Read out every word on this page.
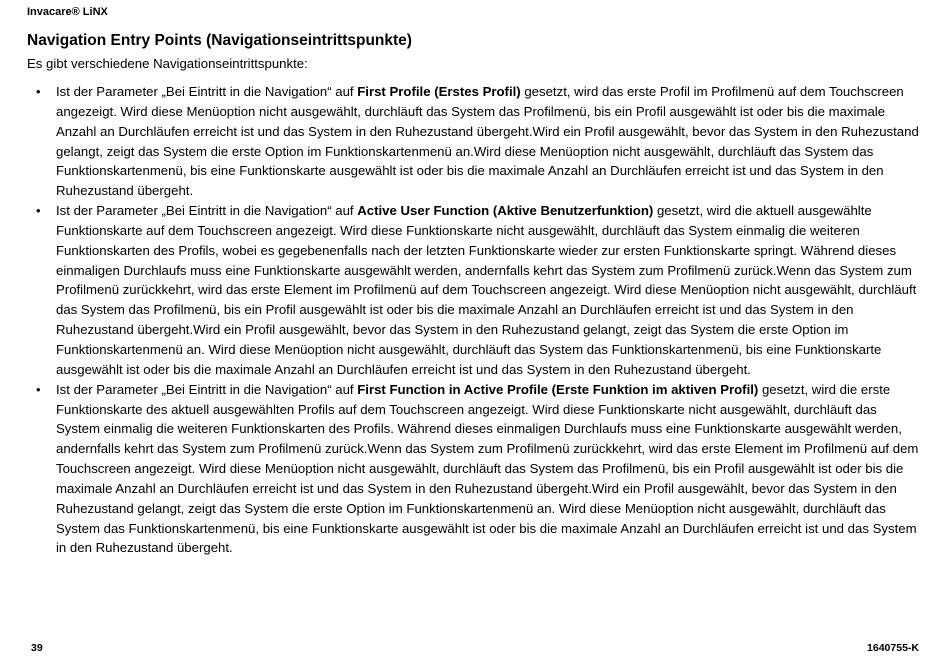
Invacare® LiNX
Navigation Entry Points (Navigationseintrittspunkte)

Es gibt verschiedene Navigationseintrittspunkte:

• Ist der Parameter „Bei Eintritt in die Navigation“ auf First Profile (Erstes Profil) gesetzt, wird das erste Profil im Profilmenü auf dem Touchscreen angezeigt. Wird diese Menüoption nicht ausgewählt, durchläuft das System das Profilmenü, bis ein Profil ausgewählt ist oder bis die maximale Anzahl an Durchläufen erreicht ist und das System in den Ruhezustand übergeht.Wird ein Profil ausgewählt, bevor das System in den Ruhezustand gelangt, zeigt das System die erste Option im Funktionskartenmenü an.Wird diese Menüoption nicht ausgewählt, durchläuft das System das Funktionskartenmenü, bis eine Funktionskarte ausgewählt ist oder bis die maximale Anzahl an Durchläufen erreicht ist und das System in den Ruhezustand übergeht.
• Ist der Parameter „Bei Eintritt in die Navigation“ auf Active User Function (Aktive Benutzerfunktion) gesetzt, wird die aktuell ausgewählte Funktionskarte auf dem Touchscreen angezeigt. Wird diese Funktionskarte nicht ausgewählt, durchläuft das System einmalig die weiteren Funktionskarten des Profils, wobei es gegebenenfalls nach der letzten Funktionskarte wieder zur ersten Funktionskarte springt. Während dieses einmaligen Durchlaufs muss eine Funktionskarte ausgewählt werden, andernfalls kehrt das System zum Profilmenü zurück.Wenn das System zum Profilmenü zurückkehrt, wird das erste Element im Profilmenü auf dem Touchscreen angezeigt. Wird diese Menüoption nicht ausgewählt, durchläuft das System das Profilmenü, bis ein Profil ausgewählt ist oder bis die maximale Anzahl an Durchläufen erreicht ist und das System in den Ruhezustand übergeht.Wird ein Profil ausgewählt, bevor das System in den Ruhezustand gelangt, zeigt das System die erste Option im Funktionskartenmenü an. Wird diese Menüoption nicht ausgewählt, durchläuft das System das Funktionskartenmenü, bis eine Funktionskarte ausgewählt ist oder bis die maximale Anzahl an Durchläufen erreicht ist und das System in den Ruhezustand übergeht.
• Ist der Parameter „Bei Eintritt in die Navigation“ auf First Function in Active Profile (Erste Funktion im aktiven Profil) gesetzt, wird die erste Funktionskarte des aktuell ausgewählten Profils auf dem Touchscreen angezeigt. Wird diese Funktionskarte nicht ausgewählt, durchläuft das System einmalig die weiteren Funktionskarten des Profils. Während dieses einmaligen Durchlaufs muss eine Funktionskarte ausgewählt werden, andernfalls kehrt das System zum Profilmenü zurück.Wenn das System zum Profilmenü zurückkehrt, wird das erste Element im Profilmenü auf dem Touchscreen angezeigt. Wird diese Menüoption nicht ausgewählt, durchläuft das System das Profilmenü, bis ein Profil ausgewählt ist oder bis die maximale Anzahl an Durchläufen erreicht ist und das System in den Ruhezustand übergeht.Wird ein Profil ausgewählt, bevor das System in den Ruhezustand gelangt, zeigt das System die erste Option im Funktionskartenmenü an. Wird diese Menüoption nicht ausgewählt, durchläuft das System das Funktionskartenmenü, bis eine Funktionskarte ausgewählt ist oder bis die maximale Anzahl an Durchläufen erreicht ist und das System in den Ruhezustand übergeht.
39	1640755-K
